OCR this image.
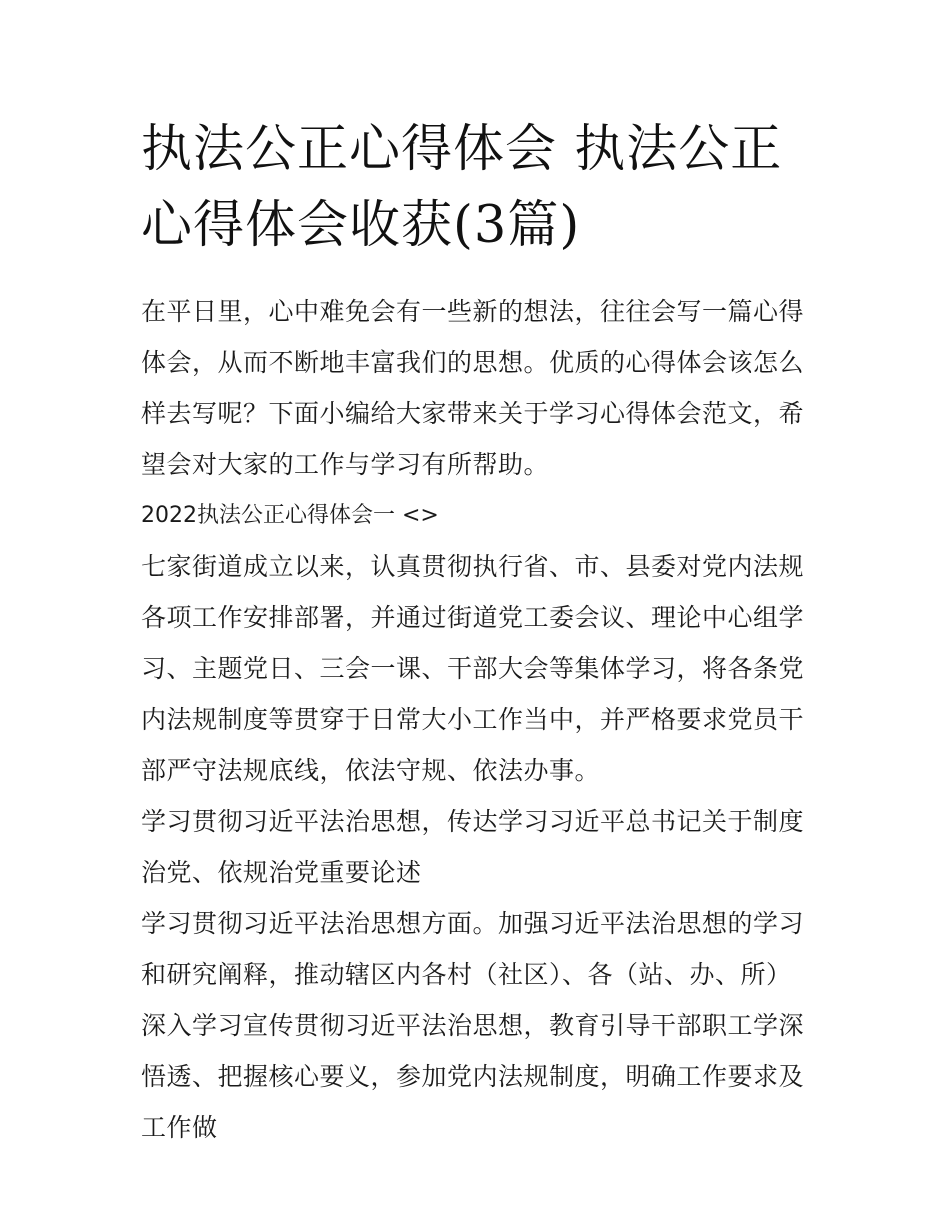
执法公正心得体会 执法公正心得体会收获(3篇)

在平日里，心中难免会有一些新的想法，往往会写一篇心得体会，从而不断地丰富我们的思想。优质的心得体会该怎么样去写呢？下面小编给大家带来关于学习心得体会范文，希望会对大家的工作与学习有所帮助。

2022执法公正心得体会一 <>

七家街道成立以来，认真贯彻执行省、市、县委对党内法规各项工作安排部署，并通过街道党工委会议、理论中心组学习、主题党日、三会一课、干部大会等集体学习，将各条党内法规制度等贯穿于日常大小工作当中，并严格要求党员干部严守法规底线，依法守规、依法办事。

学习贯彻习近平法治思想，传达学习习近平总书记关于制度治党、依规治党重要论述

学习贯彻习近平法治思想方面。加强习近平法治思想的学习和研究阐释，推动辖区内各村（社区）、各（站、办、所）深入学习宣传贯彻习近平法治思想，教育引导干部职工学深悟透、把握核心要义，参加党内法规制度，明确工作要求及工作做
